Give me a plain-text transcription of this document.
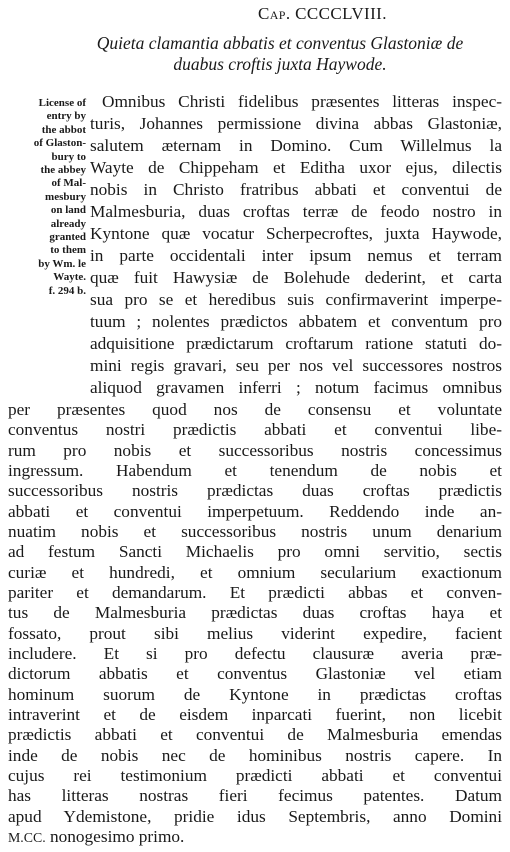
Cap. CCCCLVIII.
Quieta clamantia abbatis et conventus Glastoniæ de
duabus croftis juxta Haywode.
License of
entry by
the abbot
of Glaston-
bury to
the abbey
of Mal-
mesbury
on land
already
granted
to them
by Wm. le
Wayte.
f. 294 b.
Omnibus Christi fidelibus præsentes litteras inspec-
turis, Johannes permissione divina abbas Glastoniæ,
salutem æternam in Domino. Cum Willelmus la
Wayte de Chippeham et Editha uxor ejus, dilectis
nobis in Christo fratribus abbati et conventui de
Malmesburia, duas croftas terræ de feodo nostro in
Kyntone quæ vocatur Scherpecroftes, juxta Haywode,
in parte occidentali inter ipsum nemus et terram
quæ fuit Hawysiæ de Bolehude dederint, et carta
sua pro se et heredibus suis confirmaverint imperpe-
tuum ; nolentes prædictos abbatem et conventum pro
adquisitione prædictarum croftarum ratione statuti do-
mini regis gravari, seu per nos vel successores nostros
aliquod gravamen inferri ; notum facimus omnibus
per præsentes quod nos de consensu et voluntate
conventus nostri prædictis abbati et conventui libe-
rum pro nobis et successoribus nostris concessimus
ingressum. Habendum et tenendum de nobis et
successoribus nostris prædictas duas croftas prædictis
abbati et conventui imperpetuum. Reddendo inde an-
nuatim nobis et successoribus nostris unum denarium
ad festum Sancti Michaelis pro omni servitio, sectis
curiæ et hundredi, et omnium secularium exactionum
pariter et demandarum. Et prædicti abbas et conven-
tus de Malmesburia prædictas duas croftas haya et
fossato, prout sibi melius viderint expedire, facient
includere. Et si pro defectu clausuræ averia præ-
dictorum abbatis et conventus Glastoniæ vel etiam
hominum suorum de Kyntone in prædictas croftas
intraverint et de eisdem inparcati fuerint, non licebit
prædictis abbati et conventui de Malmesburia emendas
inde de nobis nec de hominibus nostris capere. In
cujus rei testimonium prædicti abbati et conventui
has litteras nostras fieri fecimus patentes. Datum
apud Ydemistone, pridie idus Septembris, anno Domini
M.CC. nonogesimo primo.
